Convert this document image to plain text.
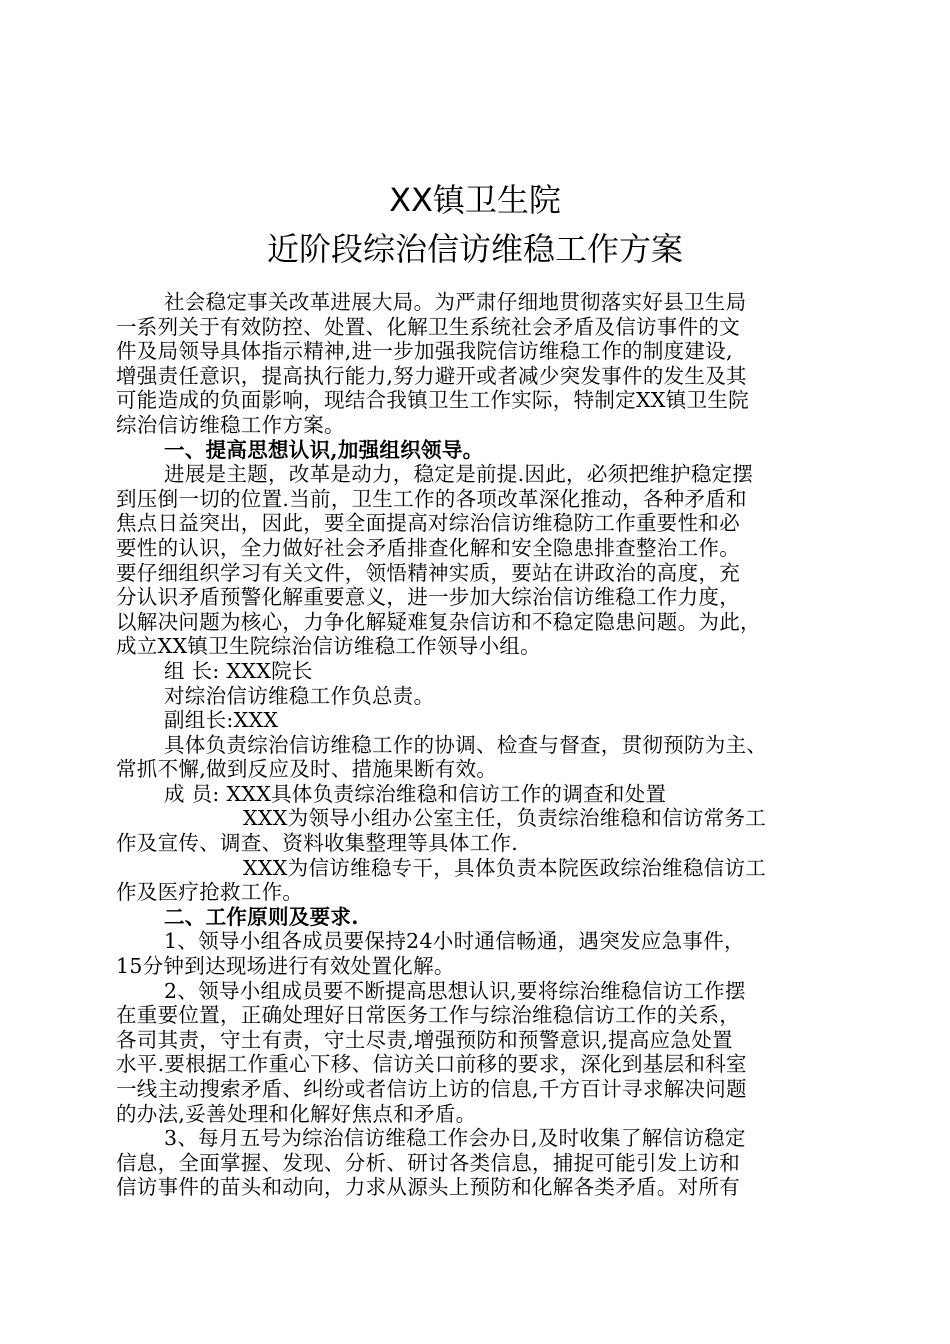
XX镇卫生院
近阶段综治信访维稳工作方案
社会稳定事关改革进展大局。为严肃仔细地贯彻落实好县卫生局
一系列关于有效防控、处置、化解卫生系统社会矛盾及信访事件的文
件及局领导具体指示精神,进一步加强我院信访维稳工作的制度建设,
增强责任意识，提高执行能力,努力避开或者减少突发事件的发生及其
可能造成的负面影响，现结合我镇卫生工作实际，特制定XX镇卫生院
综治信访维稳工作方案。
一、提高思想认识,加强组织领导。
进展是主题，改革是动力，稳定是前提.因此，必须把维护稳定摆
到压倒一切的位置.当前，卫生工作的各项改革深化推动，各种矛盾和
焦点日益突出，因此，要全面提高对综治信访维稳防工作重要性和必
要性的认识，全力做好社会矛盾排查化解和安全隐患排查整治工作。
要仔细组织学习有关文件，领悟精神实质，要站在讲政治的高度，充
分认识矛盾预警化解重要意义，进一步加大综治信访维稳工作力度，
以解决问题为核心，力争化解疑难复杂信访和不稳定隐患问题。为此，
成立XX镇卫生院综治信访维稳工作领导小组。
组 长: XXX院长
对综治信访维稳工作负总责。
副组长:XXX
具体负责综治信访维稳工作的协调、检查与督查，贯彻预防为主、
常抓不懈,做到反应及时、措施果断有效。
成 员: XXX具体负责综治维稳和信访工作的调查和处置
XXX为领导小组办公室主任，负责综治维稳和信访常务工
作及宣传、调查、资料收集整理等具体工作.
XXX为信访维稳专干，具体负责本院医政综治维稳信访工
作及医疗抢救工作。
二、工作原则及要求.
1、领导小组各成员要保持24小时通信畅通，遇突发应急事件，
15分钟到达现场进行有效处置化解。
2、领导小组成员要不断提高思想认识,要将综治维稳信访工作摆
在重要位置，正确处理好日常医务工作与综治维稳信访工作的关系，
各司其责，守土有责，守土尽责,增强预防和预警意识,提高应急处置
水平.要根据工作重心下移、信访关口前移的要求，深化到基层和科室
一线主动搜索矛盾、纠纷或者信访上访的信息,千方百计寻求解决问题
的办法,妥善处理和化解好焦点和矛盾。
3、每月五号为综治信访维稳工作会办日,及时收集了解信访稳定
信息，全面掌握、发现、分析、研讨各类信息，捕捉可能引发上访和
信访事件的苗头和动向，力求从源头上预防和化解各类矛盾。对所有
